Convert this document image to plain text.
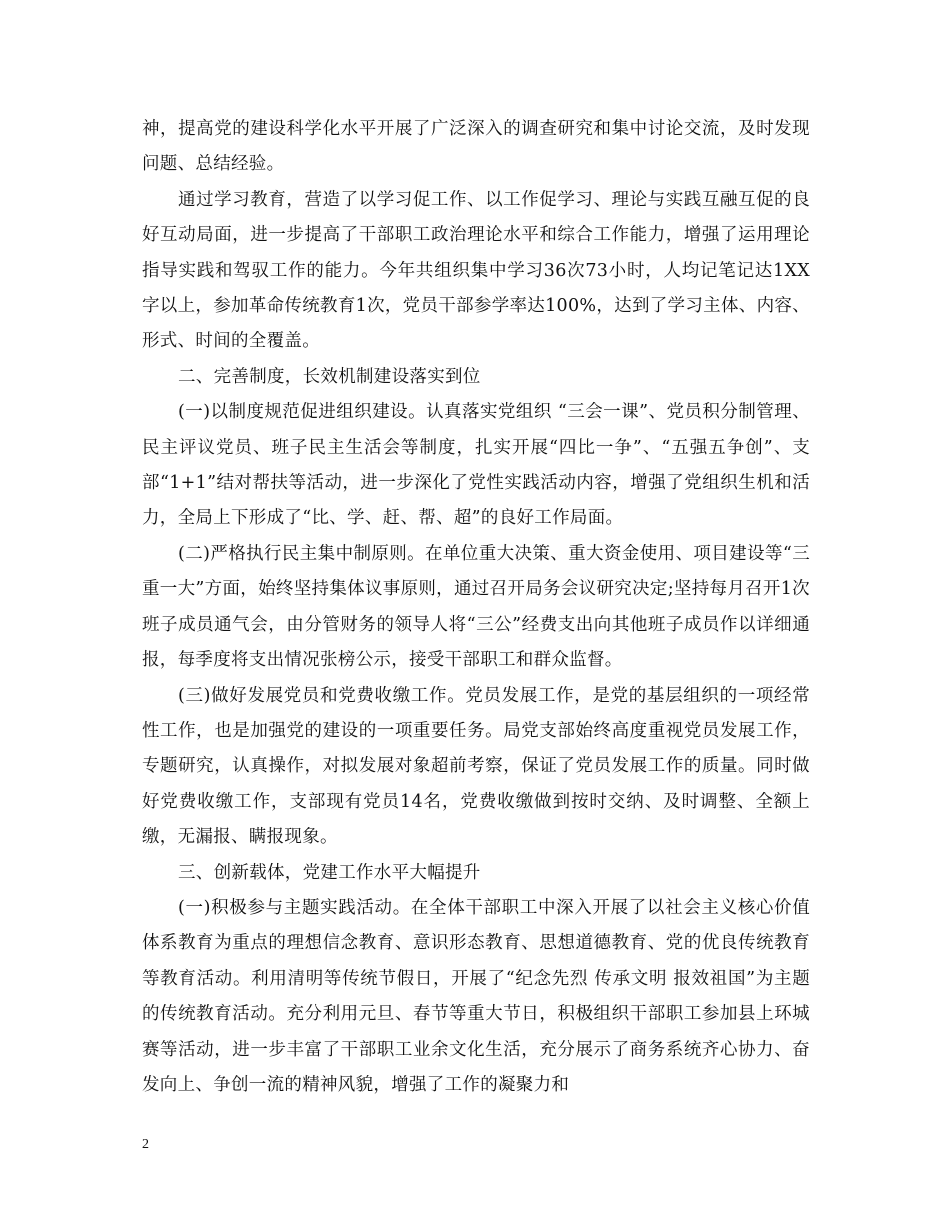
神，提高党的建设科学化水平开展了广泛深入的调查研究和集中讨论交流，及时发现问题、总结经验。

通过学习教育，营造了以学习促工作、以工作促学习、理论与实践互融互促的良好互动局面，进一步提高了干部职工政治理论水平和综合工作能力，增强了运用理论指导实践和驾驭工作的能力。今年共组织集中学习36次73小时，人均记笔记达1XX字以上，参加革命传统教育1次，党员干部参学率达100%，达到了学习主体、内容、形式、时间的全覆盖。

二、完善制度，长效机制建设落实到位

(一)以制度规范促进组织建设。认真落实党组织 “三会一课”、党员积分制管理、民主评议党员、班子民主生活会等制度，扎实开展“四比一争”、“五强五争创”、支部“1+1”结对帮扶等活动，进一步深化了党性实践活动内容，增强了党组织生机和活力，全局上下形成了“比、学、赶、帮、超”的良好工作局面。

(二)严格执行民主集中制原则。在单位重大决策、重大资金使用、项目建设等“三重一大”方面，始终坚持集体议事原则，通过召开局务会议研究决定;坚持每月召开1次班子成员通气会，由分管财务的领导人将“三公”经费支出向其他班子成员作以详细通报，每季度将支出情况张榜公示，接受干部职工和群众监督。

(三)做好发展党员和党费收缴工作。党员发展工作，是党的基层组织的一项经常性工作，也是加强党的建设的一项重要任务。局党支部始终高度重视党员发展工作，专题研究，认真操作，对拟发展对象超前考察，保证了党员发展工作的质量。同时做好党费收缴工作，支部现有党员14名，党费收缴做到按时交纳、及时调整、全额上缴，无漏报、瞒报现象。

三、创新载体，党建工作水平大幅提升

(一)积极参与主题实践活动。在全体干部职工中深入开展了以社会主义核心价值体系教育为重点的理想信念教育、意识形态教育、思想道德教育、党的优良传统教育等教育活动。利用清明等传统节假日，开展了“纪念先烈 传承文明 报效祖国”为主题的传统教育活动。充分利用元旦、春节等重大节日，积极组织干部职工参加县上环城赛等活动，进一步丰富了干部职工业余文化生活，充分展示了商务系统齐心协力、奋发向上、争创一流的精神风貌，增强了工作的凝聚力和

2
